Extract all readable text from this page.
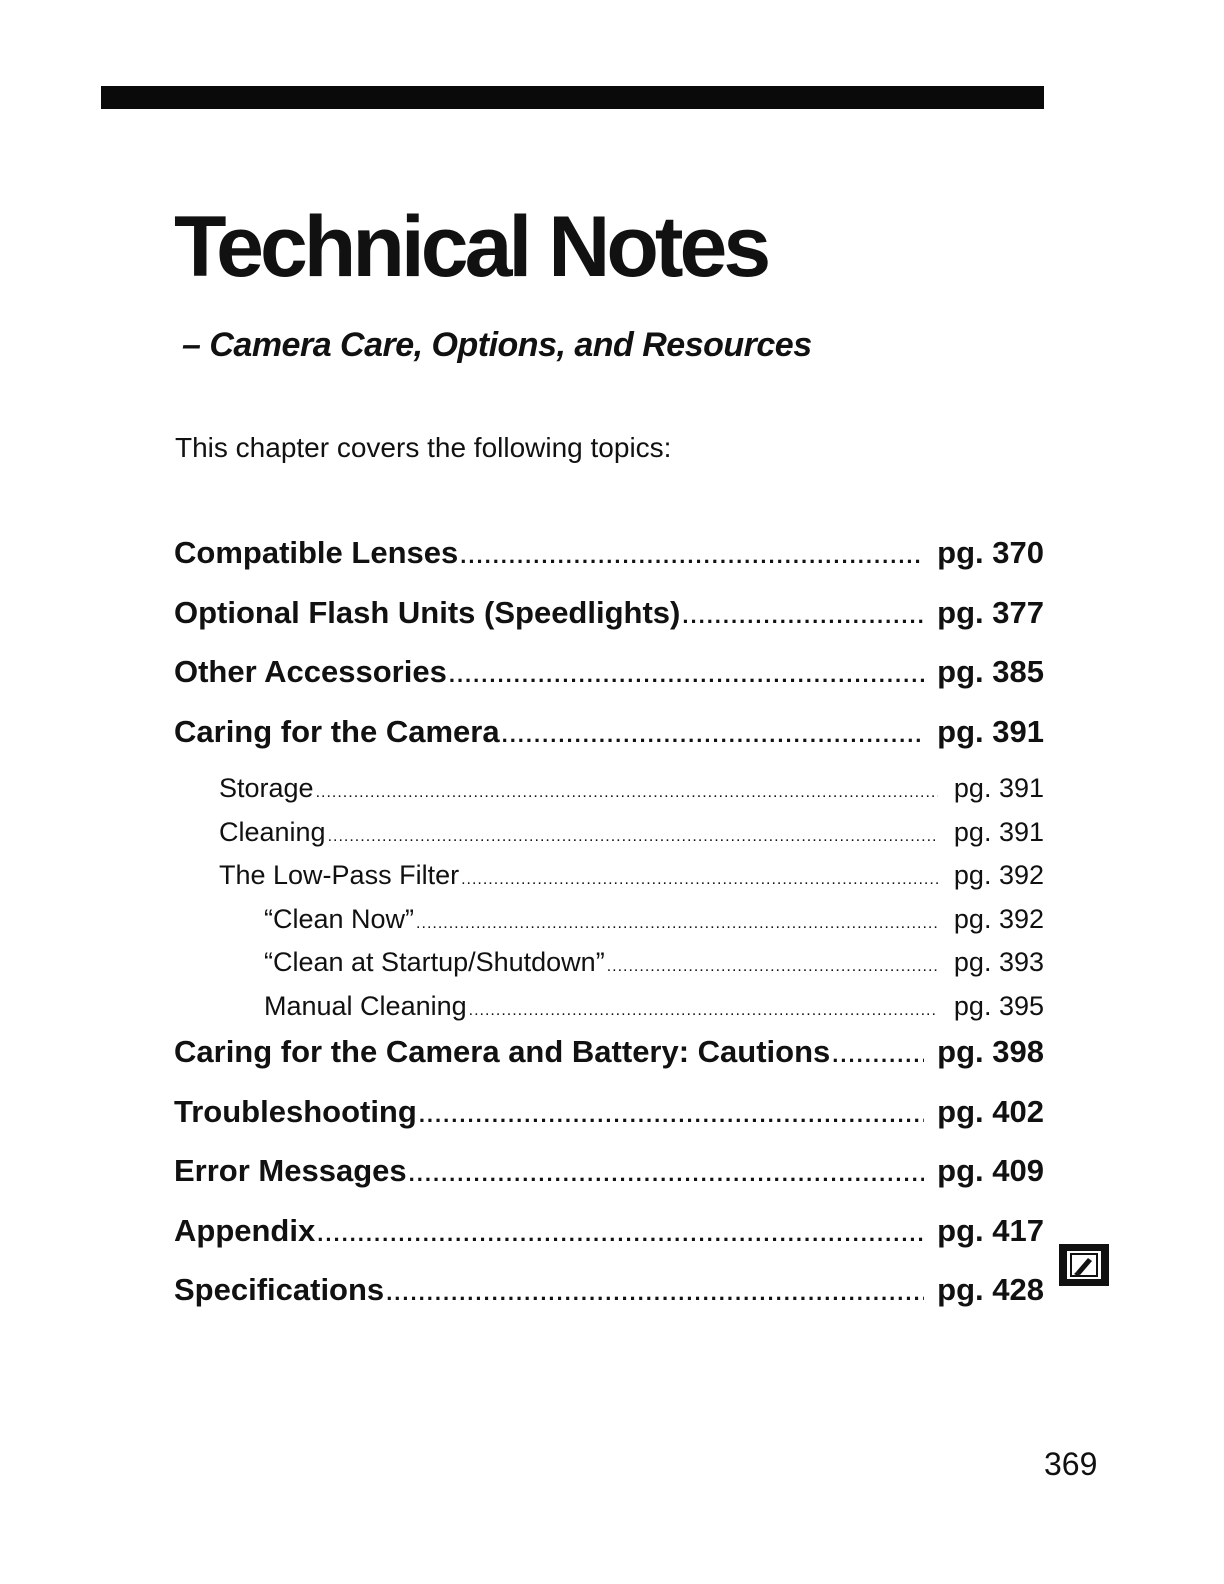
Technical Notes
– Camera Care, Options, and Resources

This chapter covers the following topics:

Compatible Lenses .....	pg. 370
Optional Flash Units (Speedlights) .....	pg. 377
Other Accessories .....	pg. 385
Caring for the Camera .....	pg. 391
Storage .....	pg. 391
Cleaning .....	pg. 391
The Low-Pass Filter .....	pg. 392
“Clean Now” .....	pg. 392
“Clean at Startup/Shutdown” .....	pg. 393
Manual Cleaning .....	pg. 395
Caring for the Camera and Battery: Cautions .....	pg. 398
Troubleshooting .....	pg. 402
Error Messages .....	pg. 409
Appendix .....	pg. 417
Specifications .....	pg. 428

369
